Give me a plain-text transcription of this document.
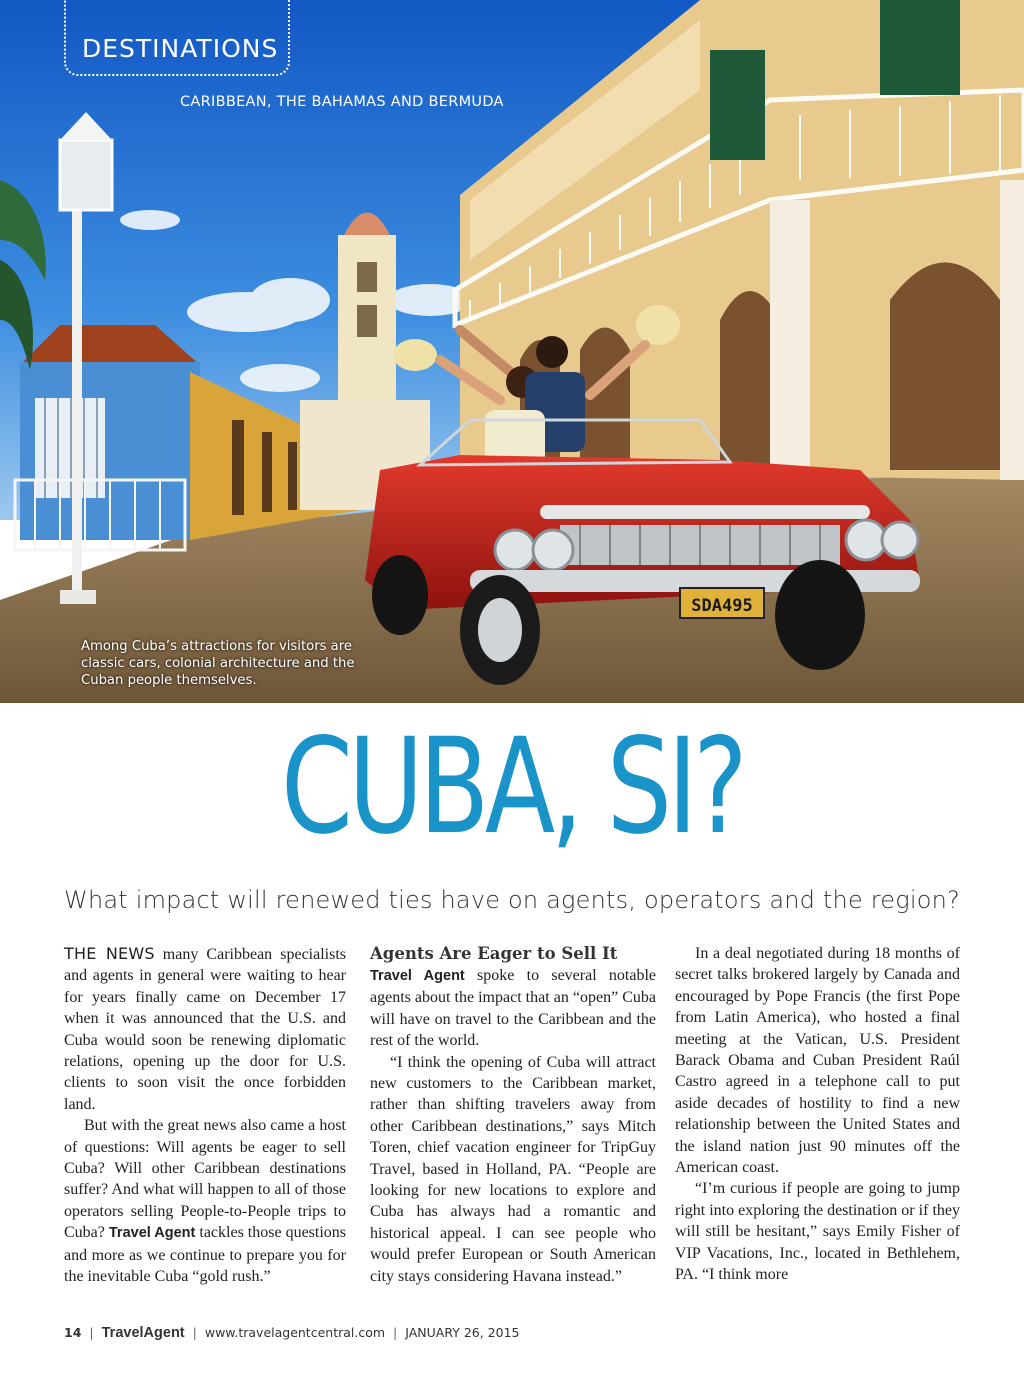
SDA495
DESTINATIONS
CARIBBEAN, THE BAHAMAS AND BERMUDA
Among Cuba’s attractions for visitors are classic cars, colonial architecture and the Cuban people themselves.
CUBA, SI?
What impact will renewed ties have on agents, operators and the region?

THE NEWS many Caribbean specialists and agents in general were waiting to hear for years finally came on December 17 when it was announced that the U.S. and Cuba would soon be renewing diplomatic relations, opening up the door for U.S. clients to soon visit the once forbidden land.

But with the great news also came a host of questions: Will agents be eager to sell Cuba? Will other Caribbean destinations suffer? And what will happen to all of those operators selling People-to-People trips to Cuba? Travel Agent tackles those questions and more as we continue to prepare you for the inevitable Cuba “gold rush.”

Agents Are Eager to Sell It

Travel Agent spoke to several notable agents about the impact that an “open” Cuba will have on travel to the Caribbean and the rest of the world.

“I think the opening of Cuba will attract new customers to the Caribbean market, rather than shifting travelers away from other Caribbean destinations,” says Mitch Toren, chief vacation engineer for TripGuy Travel, based in Holland, PA. “People are looking for new locations to explore and Cuba has always had a romantic and historical appeal. I can see people who would prefer European or South American city stays considering Havana instead.”

In a deal negotiated during 18 months of secret talks brokered largely by Canada and encouraged by Pope Francis (the first Pope from Latin America), who hosted a final meeting at the Vatican, U.S. President Barack Obama and Cuban President Raúl Castro agreed in a telephone call to put aside decades of hostility to find a new relationship between the United States and the island nation just 90 minutes off the American coast.

“I’m curious if people are going to jump right into exploring the destination or if they will still be hesitant,” says Emily Fisher of VIP Vacations, Inc., located in Bethlehem, PA. “I think more

14 | TravelAgent | www.travelagentcentral.com | JANUARY 26, 2015
